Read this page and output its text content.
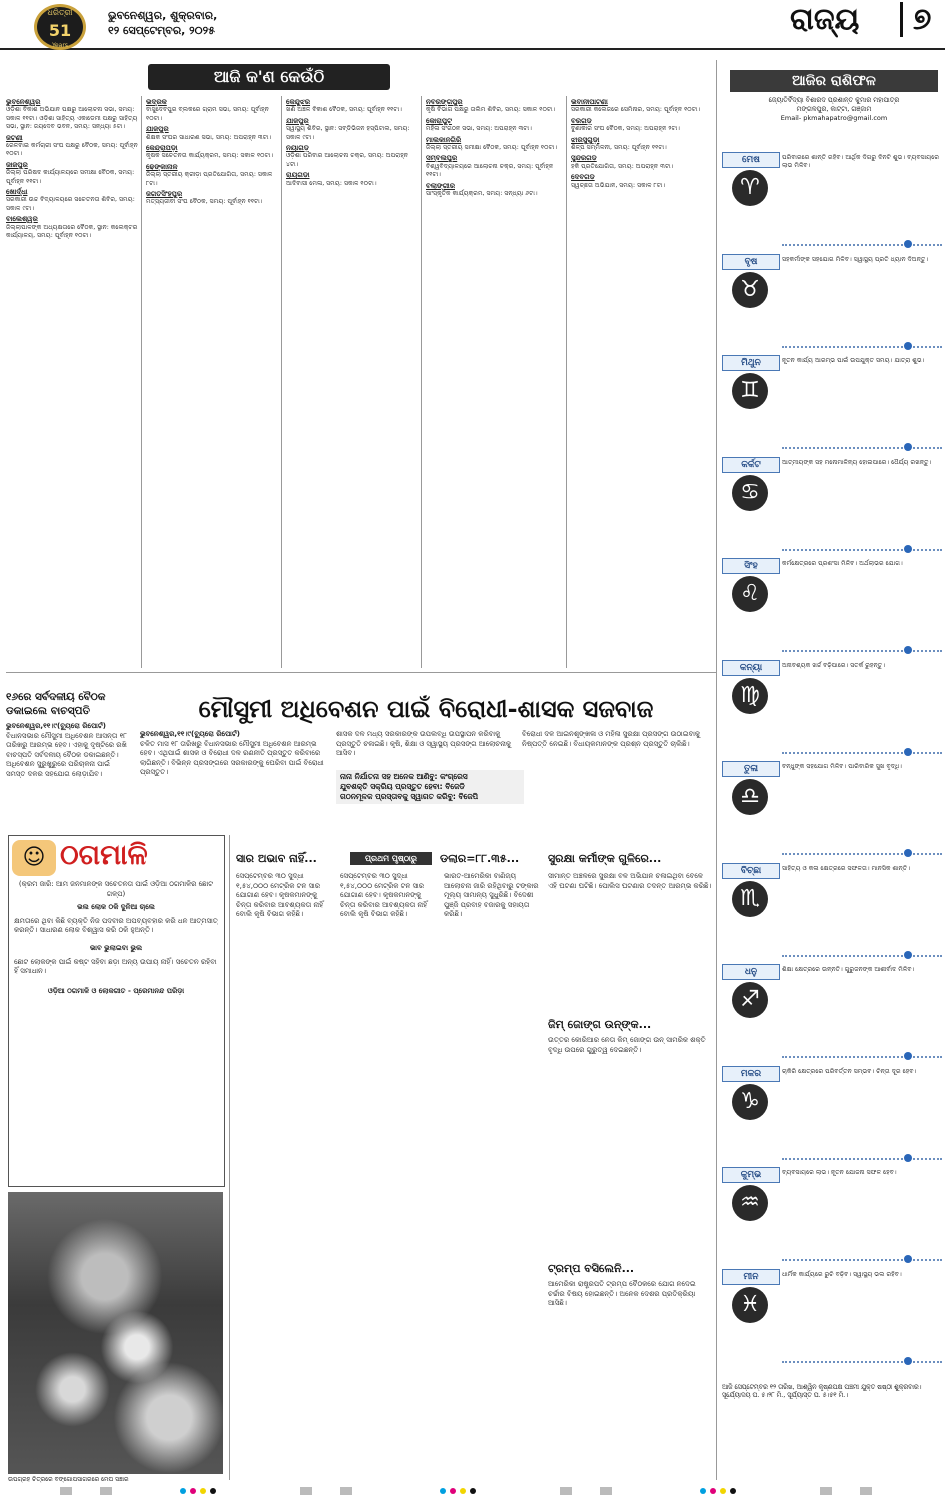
ଧରିତ୍ରୀ
51
Years
ଭୁବନେଶ୍ୱର, ଶୁକ୍ରବାର,
୧୨ ସେପ୍ଟେମ୍ବର, ୨୦୨୫	ରାଜ୍ୟ	୭
ଆଜି କ'ଣ କେଉଁଠି
ଭୁବନେଶ୍ୱର

ଓଡ଼ିଶା ବିକାଶ ଅଭିଯାନ ପକ୍ଷରୁ ଆଲୋଚନା ସଭା, ସମୟ: ସକାଳ ୧୧ଟା। ଓଡ଼ିଶା ସାହିତ୍ୟ ଏକାଡେମୀ ପକ୍ଷରୁ ସାହିତ୍ୟ ସଭା, ସ୍ଥାନ: ଜୟଦେବ ଭବନ, ସମୟ: ସନ୍ଧ୍ୟା ୫ଟା।

ଜଟଣୀ

ରେଳବାଇ କର୍ମଚାରୀ ସଂଘ ପକ୍ଷରୁ ବୈଠକ, ସମୟ: ପୂର୍ବାହ୍ନ ୧୦ଟା।

ଜାଜପୁର

ଜିଲ୍ଲା ପରିଷଦ କାର୍ଯ୍ୟାଳୟରେ ସମୀକ୍ଷା ବୈଠକ, ସମୟ: ପୂର୍ବାହ୍ନ ୧୧ଟା।

ଖୋର୍ଦ୍ଧା

ସରକାରୀ ଉଚ୍ଚ ବିଦ୍ୟାଳୟରେ ସଚେତନତା ଶିବିର, ସମୟ: ସକାଳ ୯ଟା।

ବାଲେଶ୍ୱର

ଜିଲ୍ଲାପାଳଙ୍କ ଅଧ୍ୟକ୍ଷତାରେ ବୈଠକ, ସ୍ଥାନ: କଲେକ୍ଟର କାର୍ଯ୍ୟାଳୟ, ସମୟ: ପୂର୍ବାହ୍ନ ୧୦ଟା।

ଭଦ୍ରକ

ବାସୁଦେବପୁର ବ୍ଲକରେ ଗ୍ରାମ ସଭା, ସମୟ: ପୂର୍ବାହ୍ନ ୧୦ଟା।

ଯାଜପୁର

ଶିକ୍ଷକ ସଂଘର ସାଧାରଣ ସଭା, ସମୟ: ଅପରାହ୍ନ ୩ଟା।

କେନ୍ଦ୍ରାପଡ଼ା

କୃଷକ ସଚେତନତା କାର୍ଯ୍ୟକ୍ରମ, ସମୟ: ସକାଳ ୧୦ଟା।

ଢେଙ୍କାନାଳ

ଜିଲ୍ଲା ସ୍ତରୀୟ କ୍ରୀଡ଼ା ପ୍ରତିଯୋଗିତା, ସମୟ: ସକାଳ ୮ଟା।

ଜଗତସିଂହପୁର

ମତ୍ସ୍ୟଜୀବୀ ସଂଘ ବୈଠକ, ସମୟ: ପୂର୍ବାହ୍ନ ୧୧ଟା।

କେନ୍ଦୁଝର

ଖଣି ଅଞ୍ଚଳ ବିକାଶ ବୈଠକ, ସମୟ: ପୂର୍ବାହ୍ନ ୧୧ଟା।

ଯାଜପୁର

ସ୍ୱାସ୍ଥ୍ୟ ଶିବିର, ସ୍ଥାନ: ସବ୍‌ଡିଭିଜନ ହସ୍ପିଟାଲ, ସମୟ: ସକାଳ ୯ଟା।

ନୟାଗଡ଼

ଓଡ଼ିଶା ପରିବାର ଆଲୋଚନା ଚକ୍ର, ସମୟ: ଅପରାହ୍ନ ୪ଟା।

ରାୟଗଡ଼ା

ଆଦିବାସୀ ମେଳା, ସମୟ: ସକାଳ ୧୦ଟା।

ନବରଙ୍ଗପୁର

କୃଷି ବିଭାଗ ପକ୍ଷରୁ ତାଲିମ ଶିବିର, ସମୟ: ସକାଳ ୧୦ଟା।

କୋରାପୁଟ

ମହିଳା ସଂଗଠନ ସଭା, ସମୟ: ଅପରାହ୍ନ ୩ଟା।

ମାଲକାନଗିରି

ଜିଲ୍ଲା ସ୍ତରୀୟ ସମୀକ୍ଷା ବୈଠକ, ସମୟ: ପୂର୍ବାହ୍ନ ୧୦ଟା।

ସମ୍ବଲପୁର

ବିଶ୍ୱବିଦ୍ୟାଳୟରେ ଆଲୋଚନା ଚକ୍ର, ସମୟ: ପୂର୍ବାହ୍ନ ୧୧ଟା।

ବଲାଙ୍ଗୀର

ସାଂସ୍କୃତିକ କାର୍ଯ୍ୟକ୍ରମ, ସମୟ: ସନ୍ଧ୍ୟା ୬ଟା।

ଭବାନୀପାଟଣା

ସରକାରୀ କଲେଜରେ ସେମିନାର, ସମୟ: ପୂର୍ବାହ୍ନ ୧୦ଟା।

ବରଗଡ଼

ବୁଣାକାର ସଂଘ ବୈଠକ, ସମୟ: ଅପରାହ୍ନ ୨ଟା।

ଝାରସୁଗୁଡ଼ା

ଶିଳ୍ପ ସମ୍ମିଳନୀ, ସମୟ: ପୂର୍ବାହ୍ନ ୧୧ଟା।

ସୁନ୍ଦରଗଡ଼

ହକି ପ୍ରତିଯୋଗିତା, ସମୟ: ଅପରାହ୍ନ ୩ଟା।

ଦେବଗଡ଼

ସ୍ୱଚ୍ଛତା ଅଭିଯାନ, ସମୟ: ସକାଳ ୮ଟା।

ଆଜିର ରାଶିଫଳ
ଜ୍ୟୋତିର୍ବିଦ୍ୟା ବିଶାରଦ ପ୍ରଶାନ୍ତ କୁମାର ମହାପାତ୍ର
ମଙ୍ଗଳପୁର, କାଟ୍ଟା, ଗଞ୍ଜାମ
Email- pkmahapatro@gmail.com
ମେଷ
♈
ପରିବାରରେ ଶାନ୍ତି ରହିବ। ଆର୍ଥିକ ଦିଗରୁ ଦିନଟି ଶୁଭ। ବ୍ୟବସାୟରେ ଲାଭ ମିଳିବ।
ବୃଷ
♉
ସହକର୍ମୀଙ୍କ ସହଯୋଗ ମିଳିବ। ସ୍ୱାସ୍ଥ୍ୟ ପ୍ରତି ଧ୍ୟାନ ଦିଅନ୍ତୁ।
ମିଥୁନ
♊
ନୂତନ କାର୍ଯ୍ୟ ଆରମ୍ଭ ପାଇଁ ଉପଯୁକ୍ତ ସମୟ। ଯାତ୍ରା ଶୁଭ।
କର୍କଟ
♋
ଆତ୍ମୀୟଙ୍କ ସହ ମନୋମାଳିନ୍ୟ ହୋଇପାରେ। ଧୈର୍ଯ୍ୟ ରଖନ୍ତୁ।
ସିଂହ
♌
କର୍ମକ୍ଷେତ୍ରରେ ପ୍ରଶଂସା ମିଳିବ। ଅର୍ଥଲାଭର ଯୋଗ।
କନ୍ୟା
♍
ଅନାବଶ୍ୟକ ଖର୍ଚ୍ଚ ବଢ଼ିପାରେ। ସତର୍କ ରୁହନ୍ତୁ।
ତୁଳା
♎
ବନ୍ଧୁଙ୍କ ସହଯୋଗ ମିଳିବ। ପାରିବାରିକ ସୁଖ ବୃଦ୍ଧି।
ବିଚ୍ଛା
♏
ସାହିତ୍ୟ ଓ କଳା କ୍ଷେତ୍ରରେ ସଫଳତା। ମାନସିକ ଶାନ୍ତି।
ଧନୁ
♐
ଶିକ୍ଷା କ୍ଷେତ୍ରରେ ଉନ୍ନତି। ଗୁରୁଜନଙ୍କ ଆଶୀର୍ବାଦ ମିଳିବ।
ମକର
♑
ଚାକିରି କ୍ଷେତ୍ରରେ ପରିବର୍ତ୍ତନ ସମ୍ଭବ। ଚିନ୍ତା ଦୂର ହେବ।
କୁମ୍ଭ
♒
ବ୍ୟବସାୟରେ ଲାଭ। ନୂତନ ଯୋଜନା ସଫଳ ହେବ।
ମୀନ
♓
ଧାର୍ମିକ କାର୍ଯ୍ୟରେ ରୁଚି ବଢ଼ିବ। ସ୍ୱାସ୍ଥ୍ୟ ଭଲ ରହିବ।
ଆଜି ସେପ୍ଟେମ୍ବର ୧୨ ତାରିଖ, ଆଶ୍ୱିନ କୃଷ୍ଣପକ୍ଷ ପଞ୍ଚମୀ ଯୁକ୍ତ ଷଷ୍ଠୀ ଶୁକ୍ରବାର। ସୂର୍ଯ୍ୟୋଦୟ ଘ. ୫।୨୮ ମି., ସୂର୍ଯ୍ୟାସ୍ତ ଘ. ୫।୫୧ ମି.।
୧୬ରେ ସର୍ବଦଳୀୟ ବୈଠକ ଡକାଇଲେ ବାଚସ୍ପତି
ଭୁବନେଶ୍ୱର,୧୧।୯(ବ୍ୟୁରୋ ରିପୋର୍ଟ)
ବିଧାନସଭାର ମୌସୁମୀ ଅଧିବେଶନ ଆସନ୍ତା ୧୮ ତାରିଖରୁ ଆରମ୍ଭ ହେବ। ଏହାକୁ ଦୃଷ୍ଟିରେ ରଖି ବାଚସ୍ପତି ସର୍ବଦଳୀୟ ବୈଠକ ଡକାଇଛନ୍ତି। ଅଧିବେଶନ ସୁରୁଖୁରୁରେ ପରିଚାଳନା ପାଇଁ ସମସ୍ତ ଦଳର ସହଯୋଗ ଲୋଡ଼ାଯିବ।
ମୌସୁମୀ ଅଧିବେଶନ ପାଇଁ ବିରୋଧୀ-ଶାସକ ସଜବାଜ
ଭୁବନେଶ୍ୱର,୧୧।୯(ବ୍ୟୁରୋ ରିପୋର୍ଟ)
ଚଳିତ ମାସ ୧୮ ତାରିଖରୁ ବିଧାନସଭାର ମୌସୁମୀ ଅଧିବେଶନ ଆରମ୍ଭ ହେବ। ଏଥିପାଇଁ ଶାସକ ଓ ବିରୋଧୀ ଦଳ ରଣନୀତି ପ୍ରସ୍ତୁତ କରିବାରେ ଲାଗିଛନ୍ତି। ବିଭିନ୍ନ ପ୍ରସଙ୍ଗରେ ସରକାରଙ୍କୁ ଘେରିବା ପାଇଁ ବିରୋଧୀ ପ୍ରସ୍ତୁତ।
ଶାସକ ଦଳ ମଧ୍ୟ ସରକାରଙ୍କ ଉପଲବ୍ଧି ଉପସ୍ଥାପନ କରିବାକୁ ପ୍ରସ୍ତୁତି ଚଳାଇଛି। କୃଷି, ଶିକ୍ଷା ଓ ସ୍ୱାସ୍ଥ୍ୟ ପ୍ରସଙ୍ଗ ଆଲୋଚନାକୁ ଆସିବ।
ନାନା ନିର୍ଯାତନା ସହ ଅନେକ ଆଣିବୁ: କଂଗ୍ରେସ
ଯୁବଶକ୍ତି ସକ୍ରିୟ ପ୍ରସ୍ତୁତ ହେବା: ବିଜେଡି
ଗଠନମୂଳକ ପ୍ରସ୍ତାବକୁ ସ୍ୱାଗତ କରିବୁ: ବିଜେପି
ବିରୋଧୀ ଦଳ ଆଇନଶୃଙ୍ଖଳା ଓ ମହିଳା ସୁରକ୍ଷା ପ୍ରସଙ୍ଗ ଉଠାଇବାକୁ ନିଷ୍ପତ୍ତି ନେଇଛି। ବିଧାୟକମାନଙ୍କ ପ୍ରଶ୍ନ ପ୍ରସ୍ତୁତି ଚାଲିଛି।
☺ ଠଗମାଳି
(କ୍ରମ ଜାରି: ଆମ ଜନମାନଙ୍କ ସଚେତନତା ପାଇଁ ଓଡ଼ିଆ ଠଗମାଳିର ଛୋଟ ଗଳ୍ପ)
ଭଲ ଲୋକ ଠକି ଦୁନିଆ ଚାଲେ
କ୍ଷମତାରେ ଥିବା କିଛି ବ୍ୟକ୍ତି ନିଜ ପଦବୀର ଅପବ୍ୟବହାର କରି ଧନ ଆତ୍ମସାତ୍ କରନ୍ତି। ସାଧାରଣ ଲୋକ ବିଶ୍ୱାସ କରି ଠକି ହୁଅନ୍ତି।
ଭାବ ଭୁଲାଇବା ଭୁଲ
ଛୋଟ ଲୋକଙ୍କ ପାଇଁ କଷ୍ଟ ସହିବା ଛଡ଼ା ଅନ୍ୟ ଉପାୟ ନାହିଁ। ସଚେତନ ରହିବା ହିଁ ସମାଧାନ।
ଓଡ଼ିଆ ଠଗମାଳି ଓ ଲୋକଗୀତ - ପ୍ରେମାନନ୍ଦ ପରିଡ଼ା
ଉପଗ୍ରହ ଚିତ୍ରରେ ବଙ୍ଗୋପସାଗରରେ ମେଘ ସଞ୍ଚାର
ସାର ଅଭାବ ନାହିଁ...	ପ୍ରଥମ ପୃଷ୍ଠାରୁ	ଡଲାର=୮୮.୩୫...	ସୁରକ୍ଷା କର୍ମୀଙ୍କ ଗୁଳିରେ...
ସେପ୍ଟେମ୍ବର ୩୦ ସୁଦ୍ଧା ୧,୫୪,୦୦୦ ମେଟ୍ରିକ ଟନ ସାର ଯୋଗାଣ ହେବ। କୃଷକମାନଙ୍କୁ ଚିନ୍ତା କରିବାର ଆବଶ୍ୟକତା ନାହିଁ ବୋଲି କୃଷି ବିଭାଗ କହିଛି।
ସେପ୍ଟେମ୍ବର ୩୦ ସୁଦ୍ଧା ୧,୫୪,୦୦୦ ମେଟ୍ରିକ ଟନ ସାର ଯୋଗାଣ ହେବ। କୃଷକମାନଙ୍କୁ ଚିନ୍ତା କରିବାର ଆବଶ୍ୟକତା ନାହିଁ ବୋଲି କୃଷି ବିଭାଗ କହିଛି।
ଭାରତ-ଆମେରିକା ବାଣିଜ୍ୟ ଆଲୋଚନା ଜାରି ରହିଥିବାରୁ ଟଙ୍କାର ମୂଲ୍ୟ ସାମାନ୍ୟ ସୁଧୁରିଛି। ବିଦେଶୀ ପୁଞ୍ଜି ପ୍ରବାହ ବଜାରକୁ ସହାୟତା କରିଛି।
ସୀମାନ୍ତ ଅଞ୍ଚଳରେ ସୁରକ୍ଷା ବଳ ଅଭିଯାନ ଚଳାଇଥିବା ବେଳେ ଏହି ଘଟଣା ଘଟିଛି। ପୋଲିସ ଘଟଣାର ତଦନ୍ତ ଆରମ୍ଭ କରିଛି।
ଜିମ୍ ଜୋଙ୍ଗ ଉନ୍‌ଙ୍କ...
ଉତ୍ତର କୋରିଆର ନେତା କିମ୍ ଜୋଙ୍ଗ ଉନ୍ ସାମରିକ ଶକ୍ତି ବୃଦ୍ଧି ଉପରେ ଗୁରୁତ୍ୱ ଦେଇଛନ୍ତି।
ଟ୍ରମ୍ପ ବସିଲେନି...
ଆମେରିକା ରାଷ୍ଟ୍ରପତି ଟ୍ରମ୍ପ ବୈଠକରେ ଯୋଗ ନଦେଇ ଚର୍ଚ୍ଚାର ବିଷୟ ହୋଇଛନ୍ତି। ଅନେକ ଦେଶର ପ୍ରତିକ୍ରିୟା ଆସିଛି।
